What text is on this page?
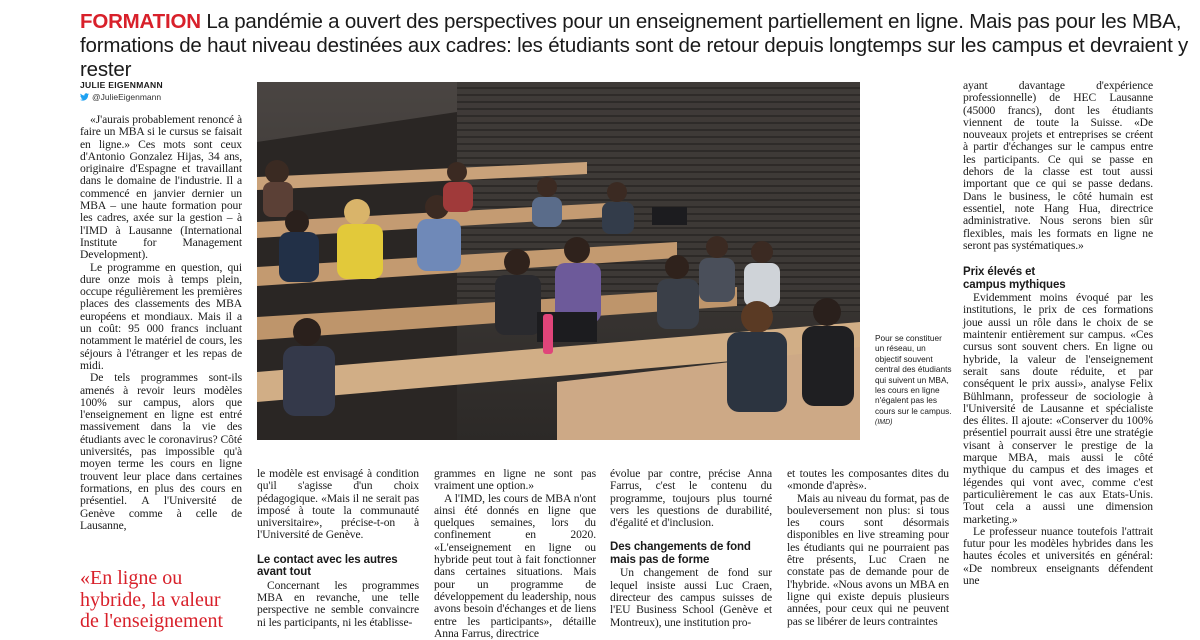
FORMATION La pandémie a ouvert des perspectives pour un enseignement partiellement en ligne. Mais pas pour les MBA,
formations de haut niveau destinées aux cadres: les étudiants sont de retour depuis longtemps sur les campus et devraient y rester
JULIE EIGENMANN
@JulieEigenmann

«J'aurais probablement renoncé à faire un MBA si le cursus se faisait en ligne.» Ces mots sont ceux d'Antonio Gonzalez Hijas, 34 ans, originaire d'Espagne et travaillant dans le domaine de l'industrie. Il a commencé en janvier dernier un MBA – une haute formation pour les cadres, axée sur la gestion – à l'IMD à Lausanne (International Institute for Management Development).

Le programme en question, qui dure onze mois à temps plein, occupe régulièrement les premières places des classements des MBA européens et mondiaux. Mais il a un coût: 95 000 francs incluant notamment le matériel de cours, les séjours à l'étranger et les repas de midi.

De tels programmes sont-ils amenés à revoir leurs modèles 100% sur campus, alors que l'enseignement en ligne est entré massivement dans la vie des étudiants avec le coronavirus? Côté universités, pas impossible qu'à moyen terme les cours en ligne trouvent leur place dans certaines formations, en plus des cours en présentiel. A l'Université de Genève comme à celle de Lausanne,

«En ligne ou hybride, la valeur de l'enseignement
Pour se constituer un réseau, un objectif souvent central des étudiants qui suivent un MBA, les cours en ligne n'égalent pas les cours sur le campus. (IMD)

le modèle est envisagé à condition qu'il s'agisse d'un choix pédagogique. «Mais il ne serait pas imposé à toute la communauté universitaire», précise-t-on à l'Université de Genève.

Le contact avec les autres avant tout

Concernant les programmes MBA en revanche, une telle perspective ne semble convaincre ni les participants, ni les établisse-

grammes en ligne ne sont pas vraiment une option.»

A l'IMD, les cours de MBA n'ont ainsi été donnés en ligne que quelques semaines, lors du confinement en 2020. «L'enseignement en ligne ou hybride peut tout à fait fonctionner dans certaines situations. Mais pour un programme de développement du leadership, nous avons besoin d'échanges et de liens entre les participants», détaille Anna Farrus, directrice

évolue par contre, précise Anna Farrus, c'est le contenu du programme, toujours plus tourné vers les questions de durabilité, d'égalité et d'inclusion.

Des changements de fond mais pas de forme

Un changement de fond sur lequel insiste aussi Luc Craen, directeur des campus suisses de l'EU Business School (Genève et Montreux), une institution pro-

et toutes les composantes dites du «monde d'après».

Mais au niveau du format, pas de bouleversement non plus: si tous les cours sont désormais disponibles en live streaming pour les étudiants qui ne pourraient pas être présents, Luc Craen ne constate pas de demande pour de l'hybride. «Nous avons un MBA en ligne qui existe depuis plusieurs années, pour ceux qui ne peuvent pas se libérer de leurs contraintes

ayant davantage d'expérience professionnelle) de HEC Lausanne (45000 francs), dont les étudiants viennent de toute la Suisse. «De nouveaux projets et entreprises se créent à partir d'échanges sur le campus entre les participants. Ce qui se passe en dehors de la classe est tout aussi important que ce qui se passe dedans. Dans le business, le côté humain est essentiel, note Hang Hua, directrice administrative. Nous serons bien sûr flexibles, mais les formats en ligne ne seront pas systématiques.»

Prix élevés et campus mythiques

Evidemment moins évoqué par les institutions, le prix de ces formations joue aussi un rôle dans le choix de se maintenir entièrement sur campus. «Ces cursus sont souvent chers. En ligne ou hybride, la valeur de l'enseignement serait sans doute réduite, et par conséquent le prix aussi», analyse Felix Bühlmann, professeur de sociologie à l'Université de Lausanne et spécialiste des élites. Il ajoute: «Conserver du 100% présentiel pourrait aussi être une stratégie visant à conserver le prestige de la marque MBA, mais aussi le côté mythique du campus et des images et légendes qui vont avec, comme c'est particulièrement le cas aux Etats-Unis. Tout cela a aussi une dimension marketing.»

Le professeur nuance toutefois l'attrait futur pour les modèles hybrides dans les hautes écoles et universités en général: «De nombreux enseignants défendent une
